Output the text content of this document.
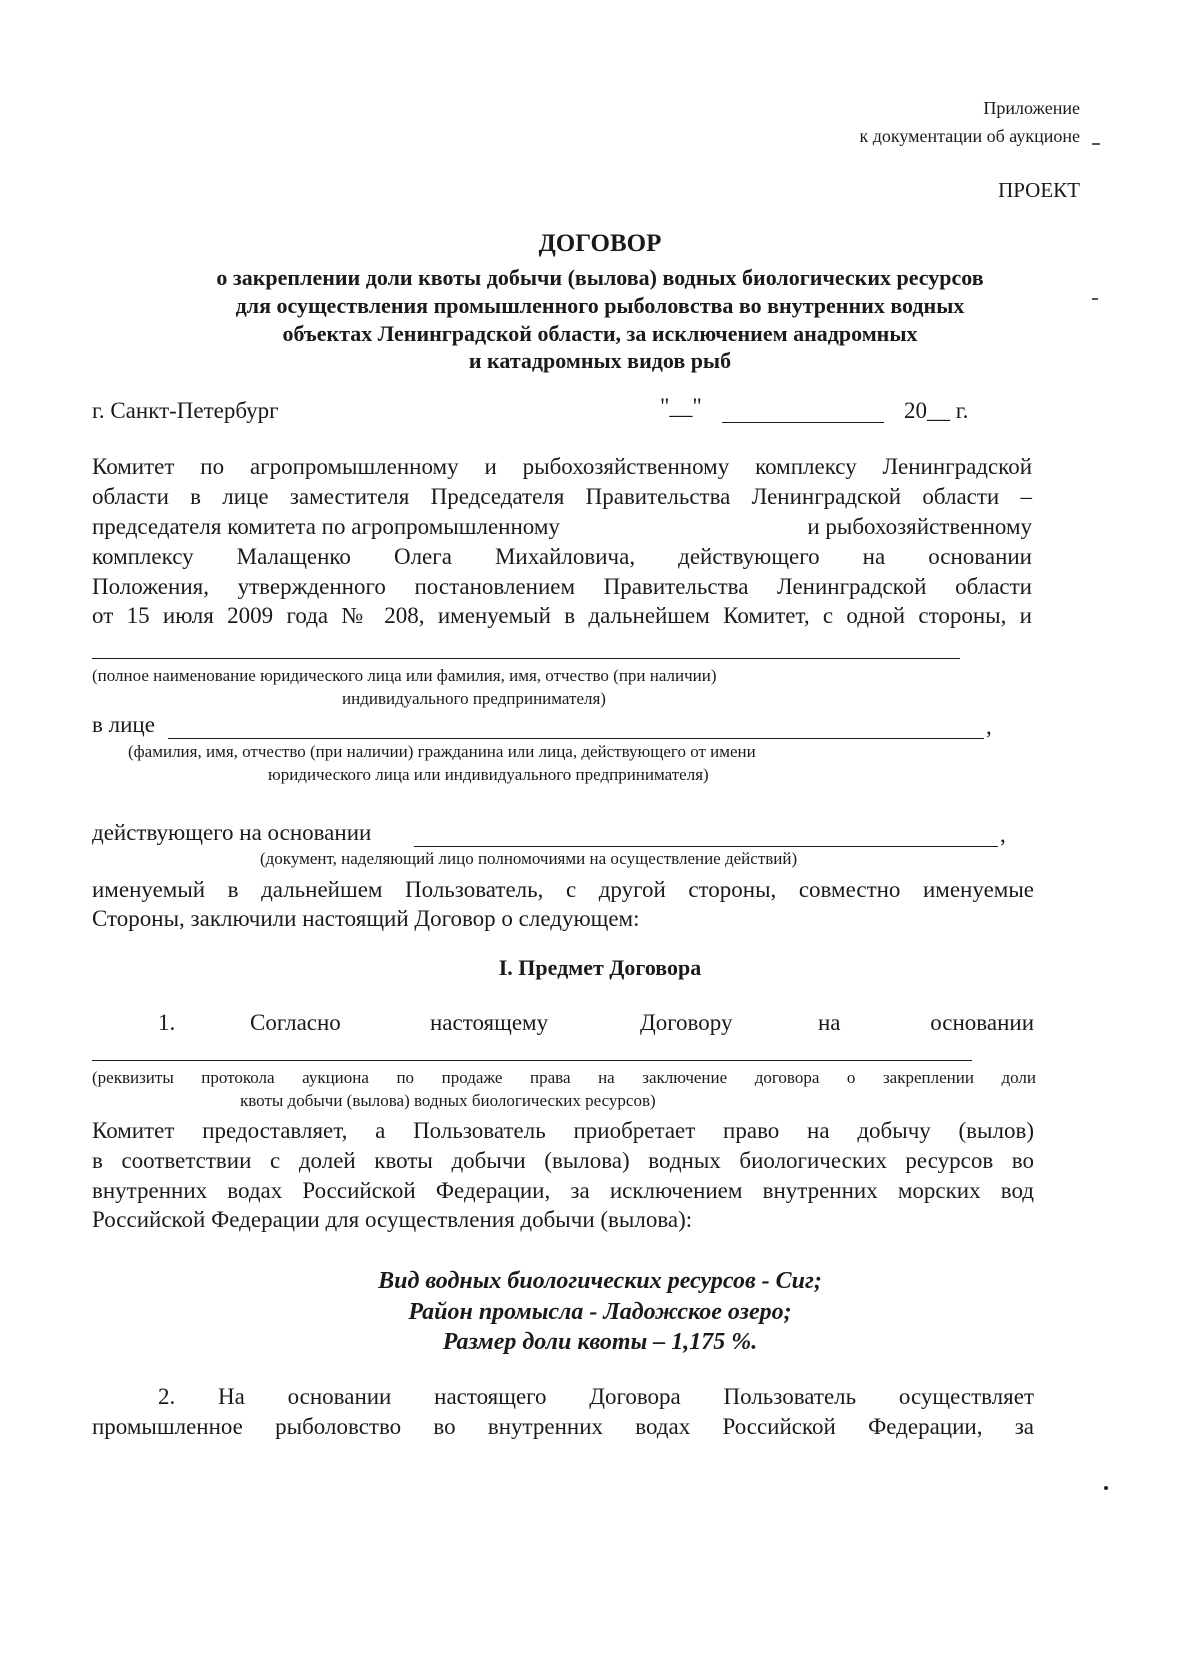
Приложение
к документации об аукционе
ПРОЕКТ
ДОГОВОР
о закреплении доли квоты добычи (вылова) водных биологических ресурсов
для осуществления промышленного рыболовства во внутренних водных
объектах Ленинградской области, за исключением анадромных
и катадромных видов рыб
г. Санкт-Петербург	"__"	20__ г.
Комитет по агропромышленному и рыбохозяйственному комплексу Ленинградской
области в лице заместителя Председателя Правительства Ленинградской области –
председателя комитета по агропромышленному	и рыбохозяйственному
комплексу Малащенко Олега Михайловича, действующего на основании
Положения, утвержденного постановлением Правительства Ленинградской области
от 15 июля 2009 года № 208, именуемый в дальнейшем Комитет, с одной стороны, и
(полное наименование юридического лица или фамилия, имя, отчество (при наличии)
индивидуального предпринимателя)
в лице	,
(фамилия, имя, отчество (при наличии) гражданина или лица, действующего от имени
юридического лица или индивидуального предпринимателя)
действующего на основании	,
(документ, наделяющий лицо полномочиями на осуществление действий)
именуемый в дальнейшем Пользователь, с другой стороны, совместно именуемые
Стороны, заключили настоящий Договор о следующем:
I. Предмет Договора
1.	Согласно	настоящему	Договору	на	основании
(реквизиты протокола аукциона по продаже права на заключение договора о закреплении доли
квоты добычи (вылова) водных биологических ресурсов)
Комитет предоставляет, а Пользователь приобретает право на добычу (вылов)
в соответствии с долей квоты добычи (вылова) водных биологических ресурсов во
внутренних водах Российской Федерации, за исключением внутренних морских вод
Российской Федерации для осуществления добычи (вылова):
Вид водных биологических ресурсов - Сиг;
Район промысла - Ладожское озеро;
Размер доли квоты – 1,175 %.
2. На основании настоящего Договора Пользователь осуществляет
промышленное рыболовство во внутренних водах Российской Федерации, за
